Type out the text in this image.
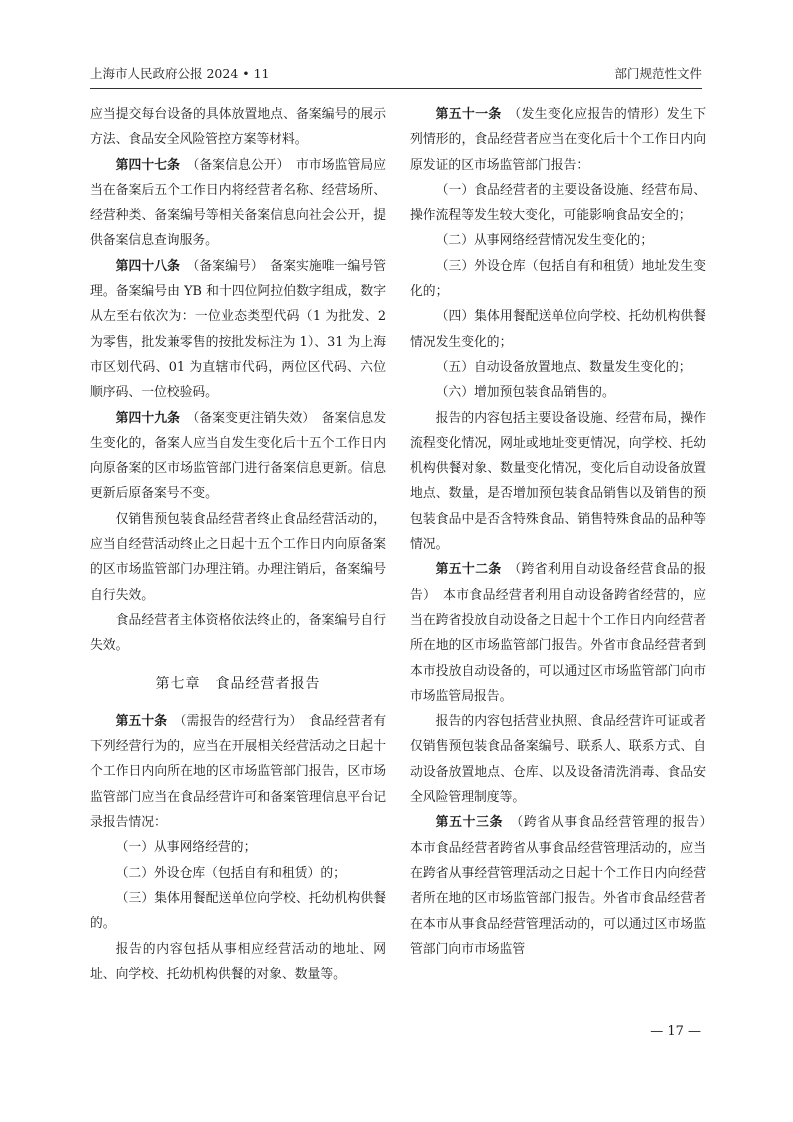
上海市人民政府公报 2024 • 11	部门规范性文件

应当提交每台设备的具体放置地点、备案编号的展示方法、食品安全风险管控方案等材料。

第四十七条　 （备案信息公开）　 市市场监管局应当在备案后五个工作日内将经营者名称、经营场所、经营种类、备案编号等相关备案信息向社会公开，提供备案信息查询服务。

第四十八条　 （备案编号）　 备案实施唯一编号管理。备案编号由 YB 和十四位阿拉伯数字组成，数字从左至右依次为：一位业态类型代码（1 为批发、2 为零售，批发兼零售的按批发标注为 1）、31 为上海市区划代码、01 为直辖市代码，两位区代码、六位顺序码、一位校验码。

第四十九条　 （备案变更注销失效）　 备案信息发生变化的，备案人应当自发生变化后十五个工作日内向原备案的区市场监管部门进行备案信息更新。信息更新后原备案号不变。

仅销售预包装食品经营者终止食品经营活动的，应当自经营活动终止之日起十五个工作日内向原备案的区市场监管部门办理注销。办理注销后，备案编号自行失效。

食品经营者主体资格依法终止的，备案编号自行失效。

第七章　食品经营者报告

第五十条　 （需报告的经营行为）　 食品经营者有下列经营行为的，应当在开展相关经营活动之日起十个工作日内向所在地的区市场监管部门报告，区市场监管部门应当在食品经营许可和备案管理信息平台记录报告情况：

（一）从事网络经营的；

（二）外设仓库（包括自有和租赁）的；

（三）集体用餐配送单位向学校、托幼机构供餐的。

报告的内容包括从事相应经营活动的地址、网址、向学校、托幼机构供餐的对象、数量等。

第五十一条　 （发生变化应报告的情形）发生下列情形的，食品经营者应当在变化后十个工作日内向原发证的区市场监管部门报告：

（一）食品经营者的主要设备设施、经营布局、操作流程等发生较大变化，可能影响食品安全的；

（二）从事网络经营情况发生变化的；

（三）外设仓库（包括自有和租赁）地址发生变化的；

（四）集体用餐配送单位向学校、托幼机构供餐情况发生变化的；

（五）自动设备放置地点、数量发生变化的；

（六）增加预包装食品销售的。

报告的内容包括主要设备设施、经营布局，操作流程变化情况，网址或地址变更情况，向学校、托幼机构供餐对象、数量变化情况，变化后自动设备放置地点、数量，是否增加预包装食品销售以及销售的预包装食品中是否含特殊食品、销售特殊食品的品种等情况。

第五十二条　 （跨省利用自动设备经营食品的报告）　 本市食品经营者利用自动设备跨省经营的，应当在跨省投放自动设备之日起十个工作日内向经营者所在地的区市场监管部门报告。外省市食品经营者到本市投放自动设备的，可以通过区市场监管部门向市市场监管局报告。

报告的内容包括营业执照、食品经营许可证或者仅销售预包装食品备案编号、联系人、联系方式、自动设备放置地点、仓库、以及设备清洗消毒、食品安全风险管理制度等。

第五十三条　 （跨省从事食品经营管理的报告）　本市食品经营者跨省从事食品经营管理活动的，应当在跨省从事经营管理活动之日起十个工作日内向经营者所在地的区市场监管部门报告。外省市食品经营者在本市从事食品经营管理活动的，可以通过区市场监管部门向市市场监管

— 17 —
